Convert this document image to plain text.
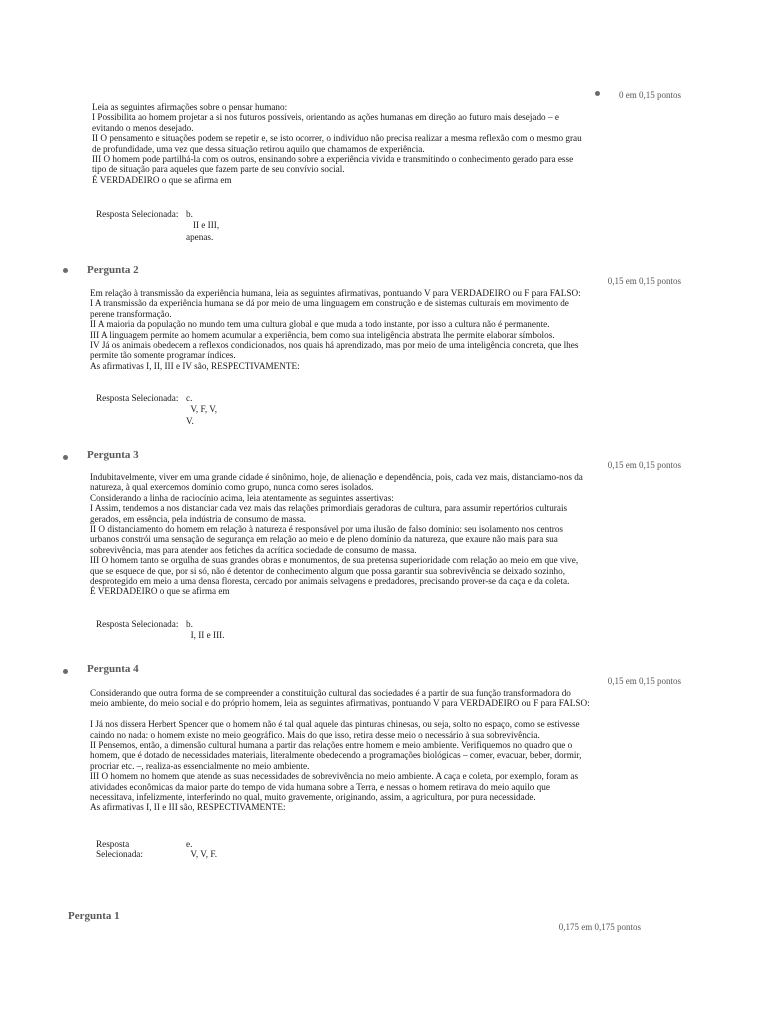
0 em 0,15 pontos
Leia as seguintes afirmações sobre o pensar humano:
I Possibilita ao homem projetar a si nos futuros possíveis, orientando as ações humanas em direção ao futuro mais desejado – e
evitando o menos desejado.
II O pensamento e situações podem se repetir e, se isto ocorrer, o indivíduo não precisa realizar a mesma reflexão com o mesmo grau
de profundidade, uma vez que dessa situação retirou aquilo que chamamos de experiência.
III O homem pode partilhá-la com os outros, ensinando sobre a experiência vivida e transmitindo o conhecimento gerado para esse
tipo de situação para aqueles que fazem parte de seu convívio social.
É VERDADEIRO o que se afirma em
Resposta Selecionada: b.
II e III,
apenas.
Pergunta 2
0,15 em 0,15 pontos
Em relação à transmissão da experiência humana, leia as seguintes afirmativas, pontuando V para VERDADEIRO ou F para FALSO:
I A transmissão da experiência humana se dá por meio de uma linguagem em construção e de sistemas culturais em movimento de
perene transformação.
II A maioria da população no mundo tem uma cultura global e que muda a todo instante, por isso a cultura não é permanente.
III A linguagem permite ao homem acumular a experiência, bem como sua inteligência abstrata lhe permite elaborar símbolos.
IV Já os animais obedecem a reflexos condicionados, nos quais há aprendizado, mas por meio de uma inteligência concreta, que lhes
permite tão somente programar índices.
As afirmativas I, II, III e IV são, RESPECTIVAMENTE:
Resposta Selecionada: c.
V, F, V,
V.
Pergunta 3
0,15 em 0,15 pontos
Indubitavelmente, viver em uma grande cidade é sinônimo, hoje, de alienação e dependência, pois, cada vez mais, distanciamo-nos da
natureza, à qual exercemos domínio como grupo, nunca como seres isolados.
Considerando a linha de raciocínio acima, leia atentamente as seguintes assertivas:
I Assim, tendemos a nos distanciar cada vez mais das relações primordiais geradoras de cultura, para assumir repertórios culturais
gerados, em essência, pela indústria de consumo de massa.
II O distanciamento do homem em relação à natureza é responsável por uma ilusão de falso domínio: seu isolamento nos centros
urbanos constrói uma sensação de segurança em relação ao meio e de pleno domínio da natureza, que exaure não mais para sua
sobrevivência, mas para atender aos fetiches da acrítica sociedade de consumo de massa.
III O homem tanto se orgulha de suas grandes obras e monumentos, de sua pretensa superioridade com relação ao meio em que vive,
que se esquece de que, por si só, não é detentor de conhecimento algum que possa garantir sua sobrevivência se deixado sozinho,
desprotegido em meio a uma densa floresta, cercado por animais selvagens e predadores, precisando prover-se da caça e da coleta.
É VERDADEIRO o que se afirma em
Resposta Selecionada: b.
I, II e III.
Pergunta 4
0,15 em 0,15 pontos
Considerando que outra forma de se compreender a constituição cultural das sociedades é a partir de sua função transformadora do
meio ambiente, do meio social e do próprio homem, leia as seguintes afirmativas, pontuando V para VERDADEIRO ou F para FALSO:
I Já nos dissera Herbert Spencer que o homem não é tal qual aquele das pinturas chinesas, ou seja, solto no espaço, como se estivesse
caindo no nada: o homem existe no meio geográfico. Mais do que isso, retira desse meio o necessário à sua sobrevivência.
II Pensemos, então, a dimensão cultural humana a partir das relações entre homem e meio ambiente. Verifiquemos no quadro que o
homem, que é dotado de necessidades materiais, literalmente obedecendo a programações biológicas – comer, evacuar, beber, dormir,
procriar etc. –, realiza-as essencialmente no meio ambiente.
III O homem no homem que atende as suas necessidades de sobrevivência no meio ambiente. A caça e coleta, por exemplo, foram as
atividades econômicas da maior parte do tempo de vida humana sobre a Terra, e nessas o homem retirava do meio aquilo que
necessitava, infelizmente, interferindo no qual, muito gravemente, originando, assim, a agricultura, por pura necessidade.
As afirmativas I, II e III são, RESPECTIVAMENTE:
Resposta
Selecionada:
e.
V, V, F.
Pergunta 1
0,175 em 0,175 pontos
